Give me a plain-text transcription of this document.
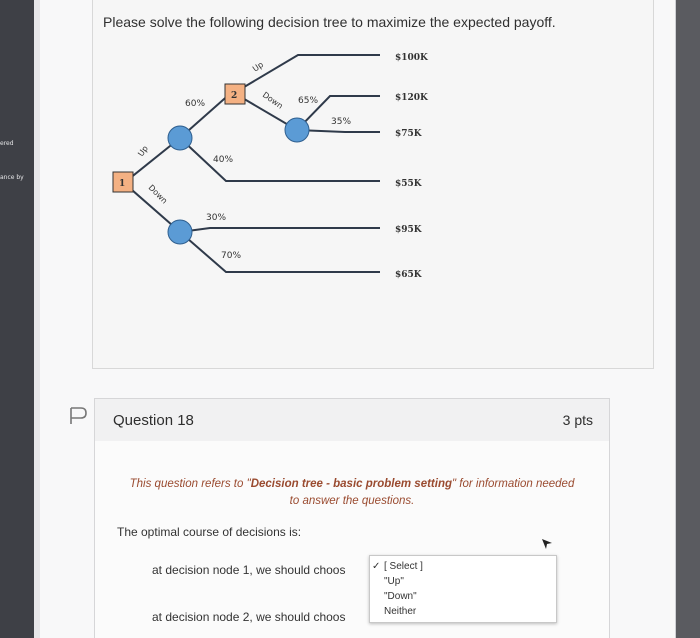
ered
ance by
Please solve the following decision tree to maximize the expected payoff.
1
2
Up
Down
Up
Down
60%
40%
65%
35%
30%
70%
$100K
$120K
$75K
$55K
$95K
$65K
Question 18	3 pts
This question refers to "Decision tree - basic problem setting" for information needed to answer the questions.
The optimal course of decisions is:
at decision node 1, we should choos
at decision node 2, we should choos
✓ [ Select ]
"Up"
"Down"
Neither
